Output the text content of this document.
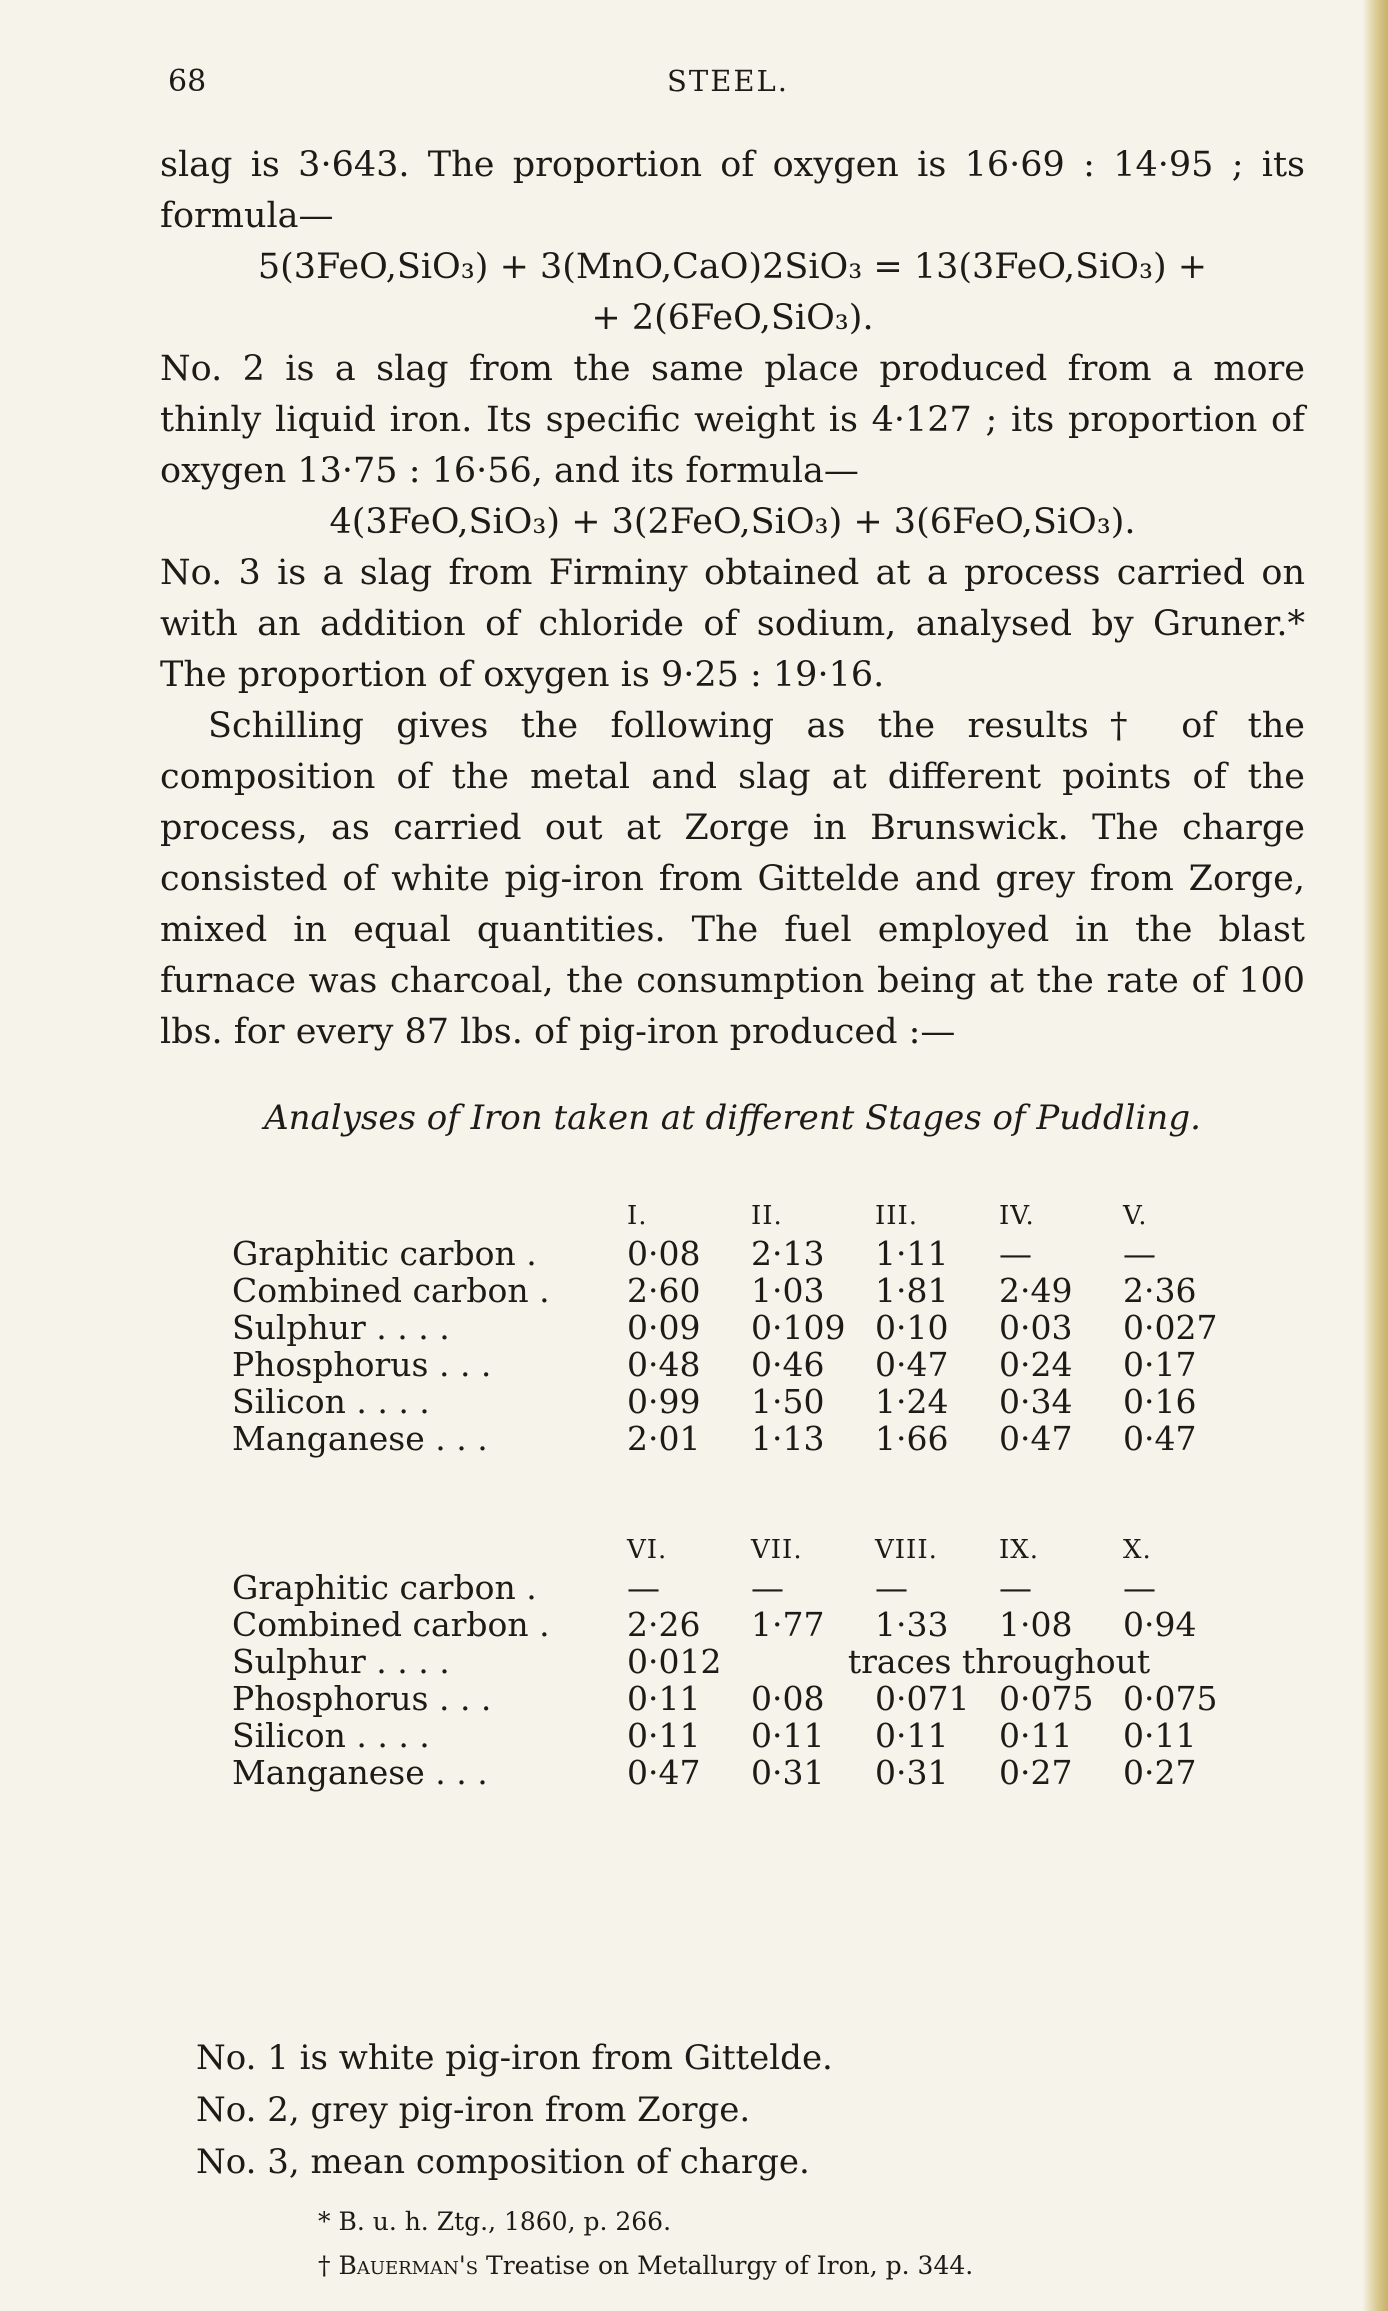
68	STEEL.

slag is 3·643. The proportion of oxygen is 16·69 : 14·95 ; its formula—

5(3FeO,SiO₃) + 3(MnO,CaO)2SiO₃ = 13(3FeO,SiO₃) +

+ 2(6FeO,SiO₃).

No. 2 is a slag from the same place produced from a more thinly liquid iron. Its specific weight is 4·127 ; its proportion of oxygen 13·75 : 16·56, and its formula—

4(3FeO,SiO₃) + 3(2FeO,SiO₃) + 3(6FeO,SiO₃).

No. 3 is a slag from Firminy obtained at a process carried on with an addition of chloride of sodium, analysed by Gruner.* The proportion of oxygen is 9·25 : 19·16.

Schilling gives the following as the results† of the composition of the metal and slag at different points of the process, as carried out at Zorge in Brunswick. The charge consisted of white pig-iron from Gittelde and grey from Zorge, mixed in equal quantities. The fuel employed in the blast furnace was charcoal, the consumption being at the rate of 100 lbs. for every 87 lbs. of pig-iron produced :—

Analyses of Iron taken at different Stages of Puddling.
	I.	II.	III.	IV.	V.
Graphitic carbon .	0·08	2·13	1·11	—	—
Combined carbon .	2·60	1·03	1·81	2·49	2·36
Sulphur . . . .	0·09	0·109	0·10	0·03	0·027
Phosphorus . . .	0·48	0·46	0·47	0·24	0·17
Silicon . . . .	0·99	1·50	1·24	0·34	0·16
Manganese . . .	2·01	1·13	1·66	0·47	0·47
	VI.	VII.	VIII.	IX.	X.
Graphitic carbon .	—	—	—	—	—
Combined carbon .	2·26	1·77	1·33	1·08	0·94
Sulphur . . . .	0·012	traces throughout			
Phosphorus . . .	0·11	0·08	0·071	0·075	0·075
Silicon . . . .	0·11	0·11	0·11	0·11	0·11
Manganese . . .	0·47	0·31	0·31	0·27	0·27

No. 1 is white pig-iron from Gittelde.

No. 2, grey pig-iron from Zorge.

No. 3, mean composition of charge.

* B. u. h. Ztg., 1860, p. 266.

† Bauerman's Treatise on Metallurgy of Iron, p. 344.
